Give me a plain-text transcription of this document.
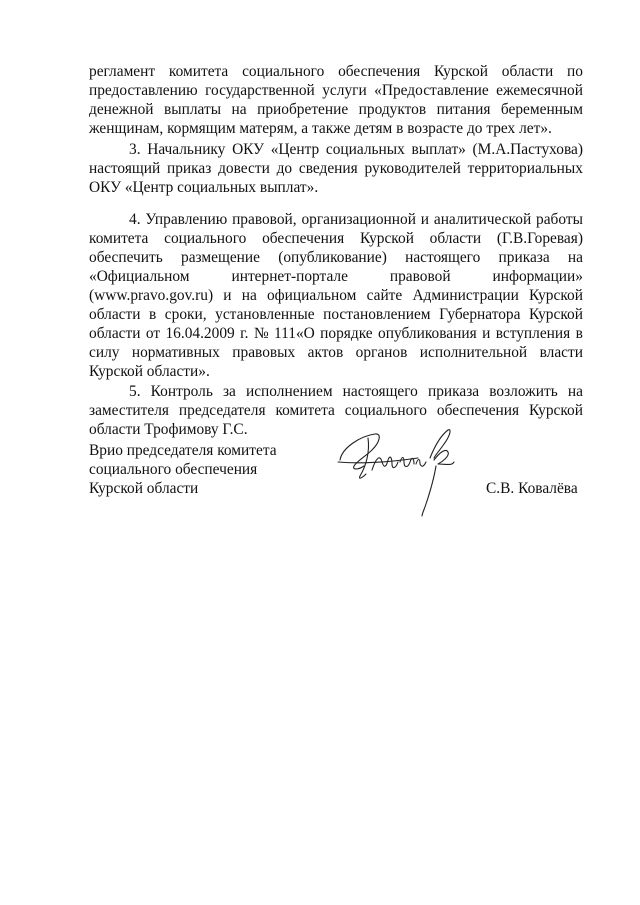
регламент комитета социального обеспечения Курской области по
предоставлению государственной услуги «Предоставление ежемесячной
денежной выплаты на приобретение продуктов питания беременным
женщинам, кормящим матерям, а также детям в возрасте до трех лет».
3. Начальнику ОКУ «Центр социальных выплат» (М.А.Пастухова)
настоящий приказ довести до сведения руководителей территориальных
ОКУ «Центр социальных выплат».
4. Управлению правовой, организационной и аналитической работы
комитета социального обеспечения Курской области (Г.В.Горевая)
обеспечить размещение (опубликование) настоящего приказа на
«Официальном	интернет-портале	правовой	информации»
(www.pravo.gov.ru) и на официальном сайте Администрации Курской
области в сроки, установленные постановлением Губернатора Курской
области от 16.04.2009 г. № 111«О порядке опубликования и вступления в
силу нормативных правовых актов органов исполнительной власти
Курской области».
5. Контроль за исполнением настоящего приказа возложить на
заместителя председателя комитета социального обеспечения Курской
области Трофимову Г.С.
Врио председателя комитета
социального обеспечения
Курской области	С.В. Ковалёва
